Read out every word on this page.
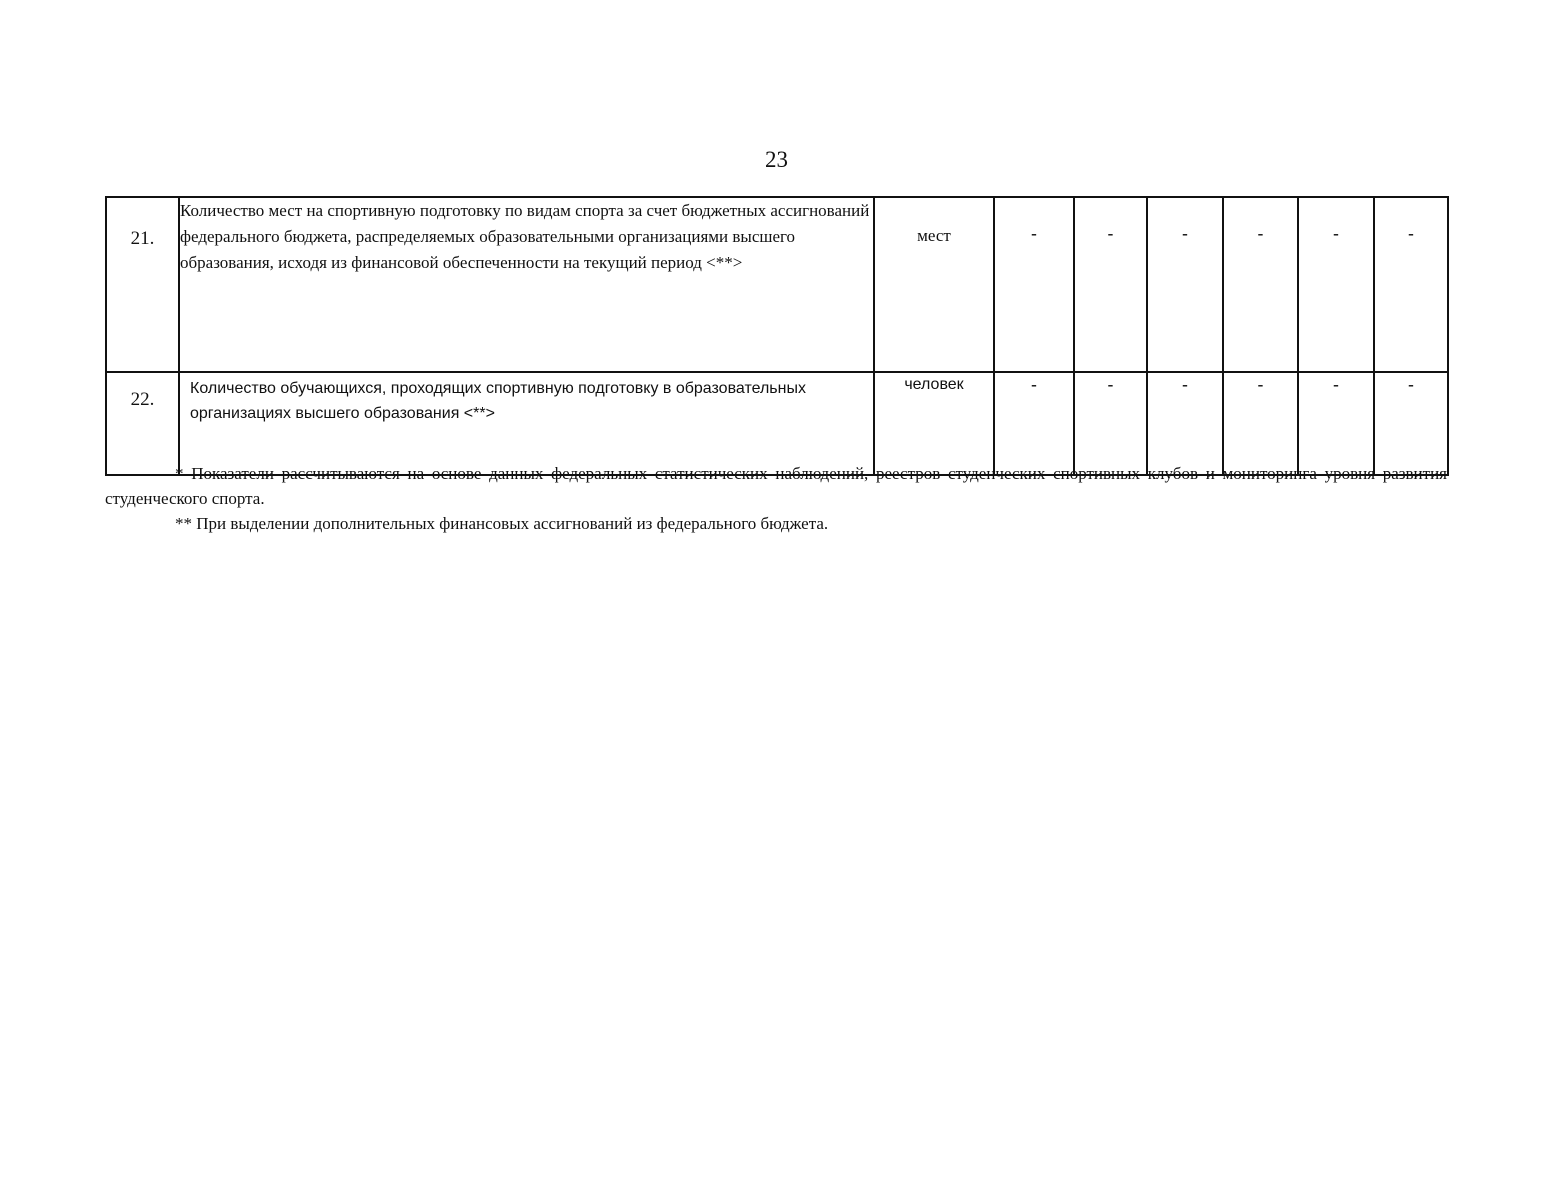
23
21.	Количество мест на спортивную подготовку по видам спорта за счет бюджетных ассигнований федерального бюджета, распределяемых образовательными организациями высшего образования, исходя из финансовой обеспеченности на текущий период <**>	мест	-	-	-	-	-	-
22.	Количество обучающихся, проходящих спортивную подготовку в образовательных организациях высшего образования <**>	человек	-	-	-	-	-	-

* Показатели рассчитываются на основе данных федеральных статистических наблюдений, реестров студенческих спортивных клубов и мониторинга уровня развития студенческого спорта.

** При выделении дополнительных финансовых ассигнований из федерального бюджета.
